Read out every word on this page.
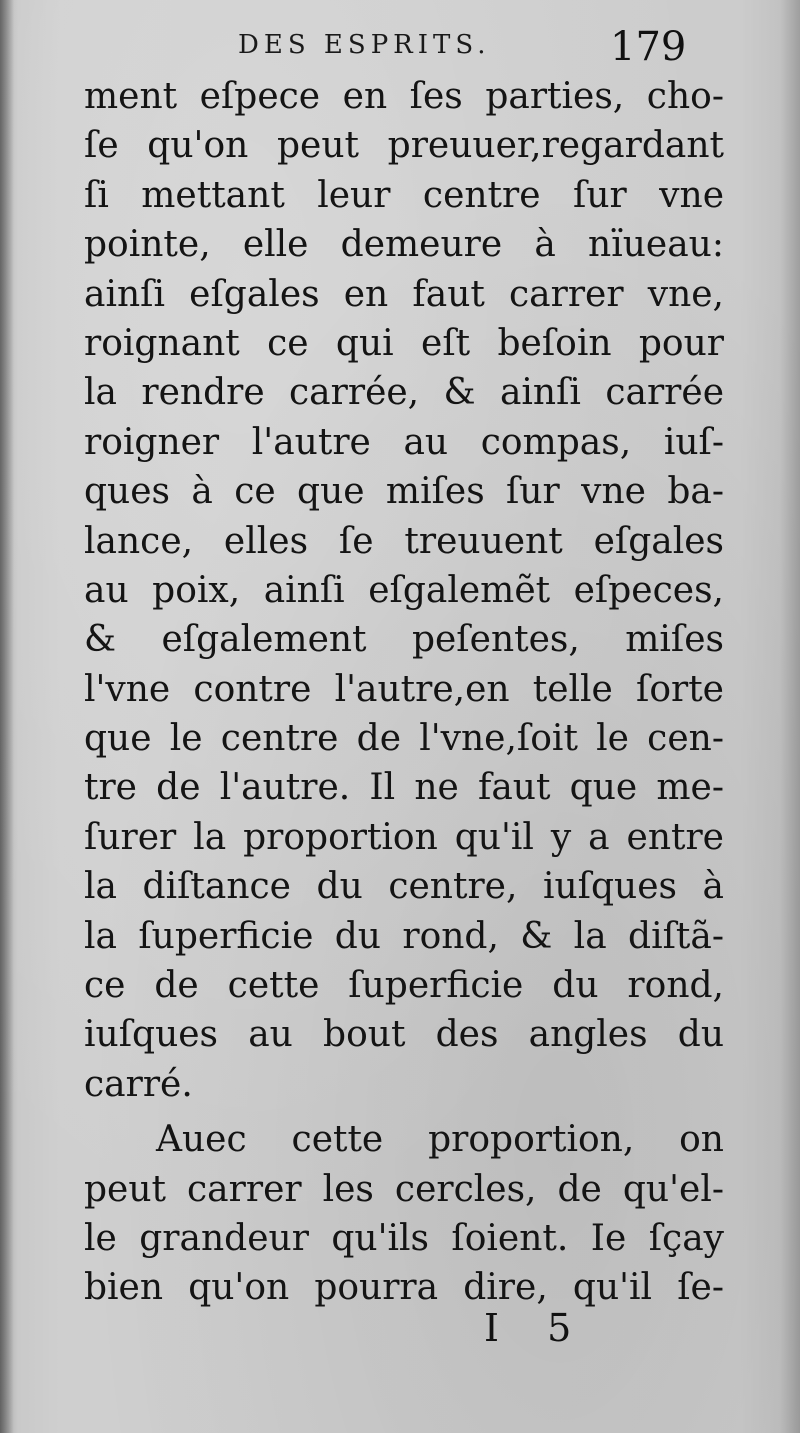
DES ESPRITS.	179
ment eſpece en ſes parties, cho-
ſe qu'on peut preuuer,regardant
ſi mettant leur centre ſur vne
pointe, elle demeure à nïueau:
ainſi eſgales en faut carrer vne,
roignant ce qui eſt beſoin pour
la rendre carrée, & ainſi carrée
roigner l'autre au compas, iuſ-
ques à ce que miſes ſur vne ba-
lance, elles ſe treuuent eſgales
au poix, ainſi eſgalemẽt eſpeces,
& eſgalement peſentes, miſes
l'vne contre l'autre,en telle ſorte
que le centre de l'vne,ſoit le cen-
tre de l'autre. Il ne faut que me-
ſurer la proportion qu'il y a entre
la diſtance du centre, iuſques à
la ſuperficie du rond, & la diſtã-
ce de cette ſuperficie du rond,
iuſques au bout des angles du
carré.
Auec cette proportion, on
peut carrer les cercles, de qu'el-
le grandeur qu'ils ſoient. Ie ſçay
bien qu'on pourra dire, qu'il ſe-
I 5
